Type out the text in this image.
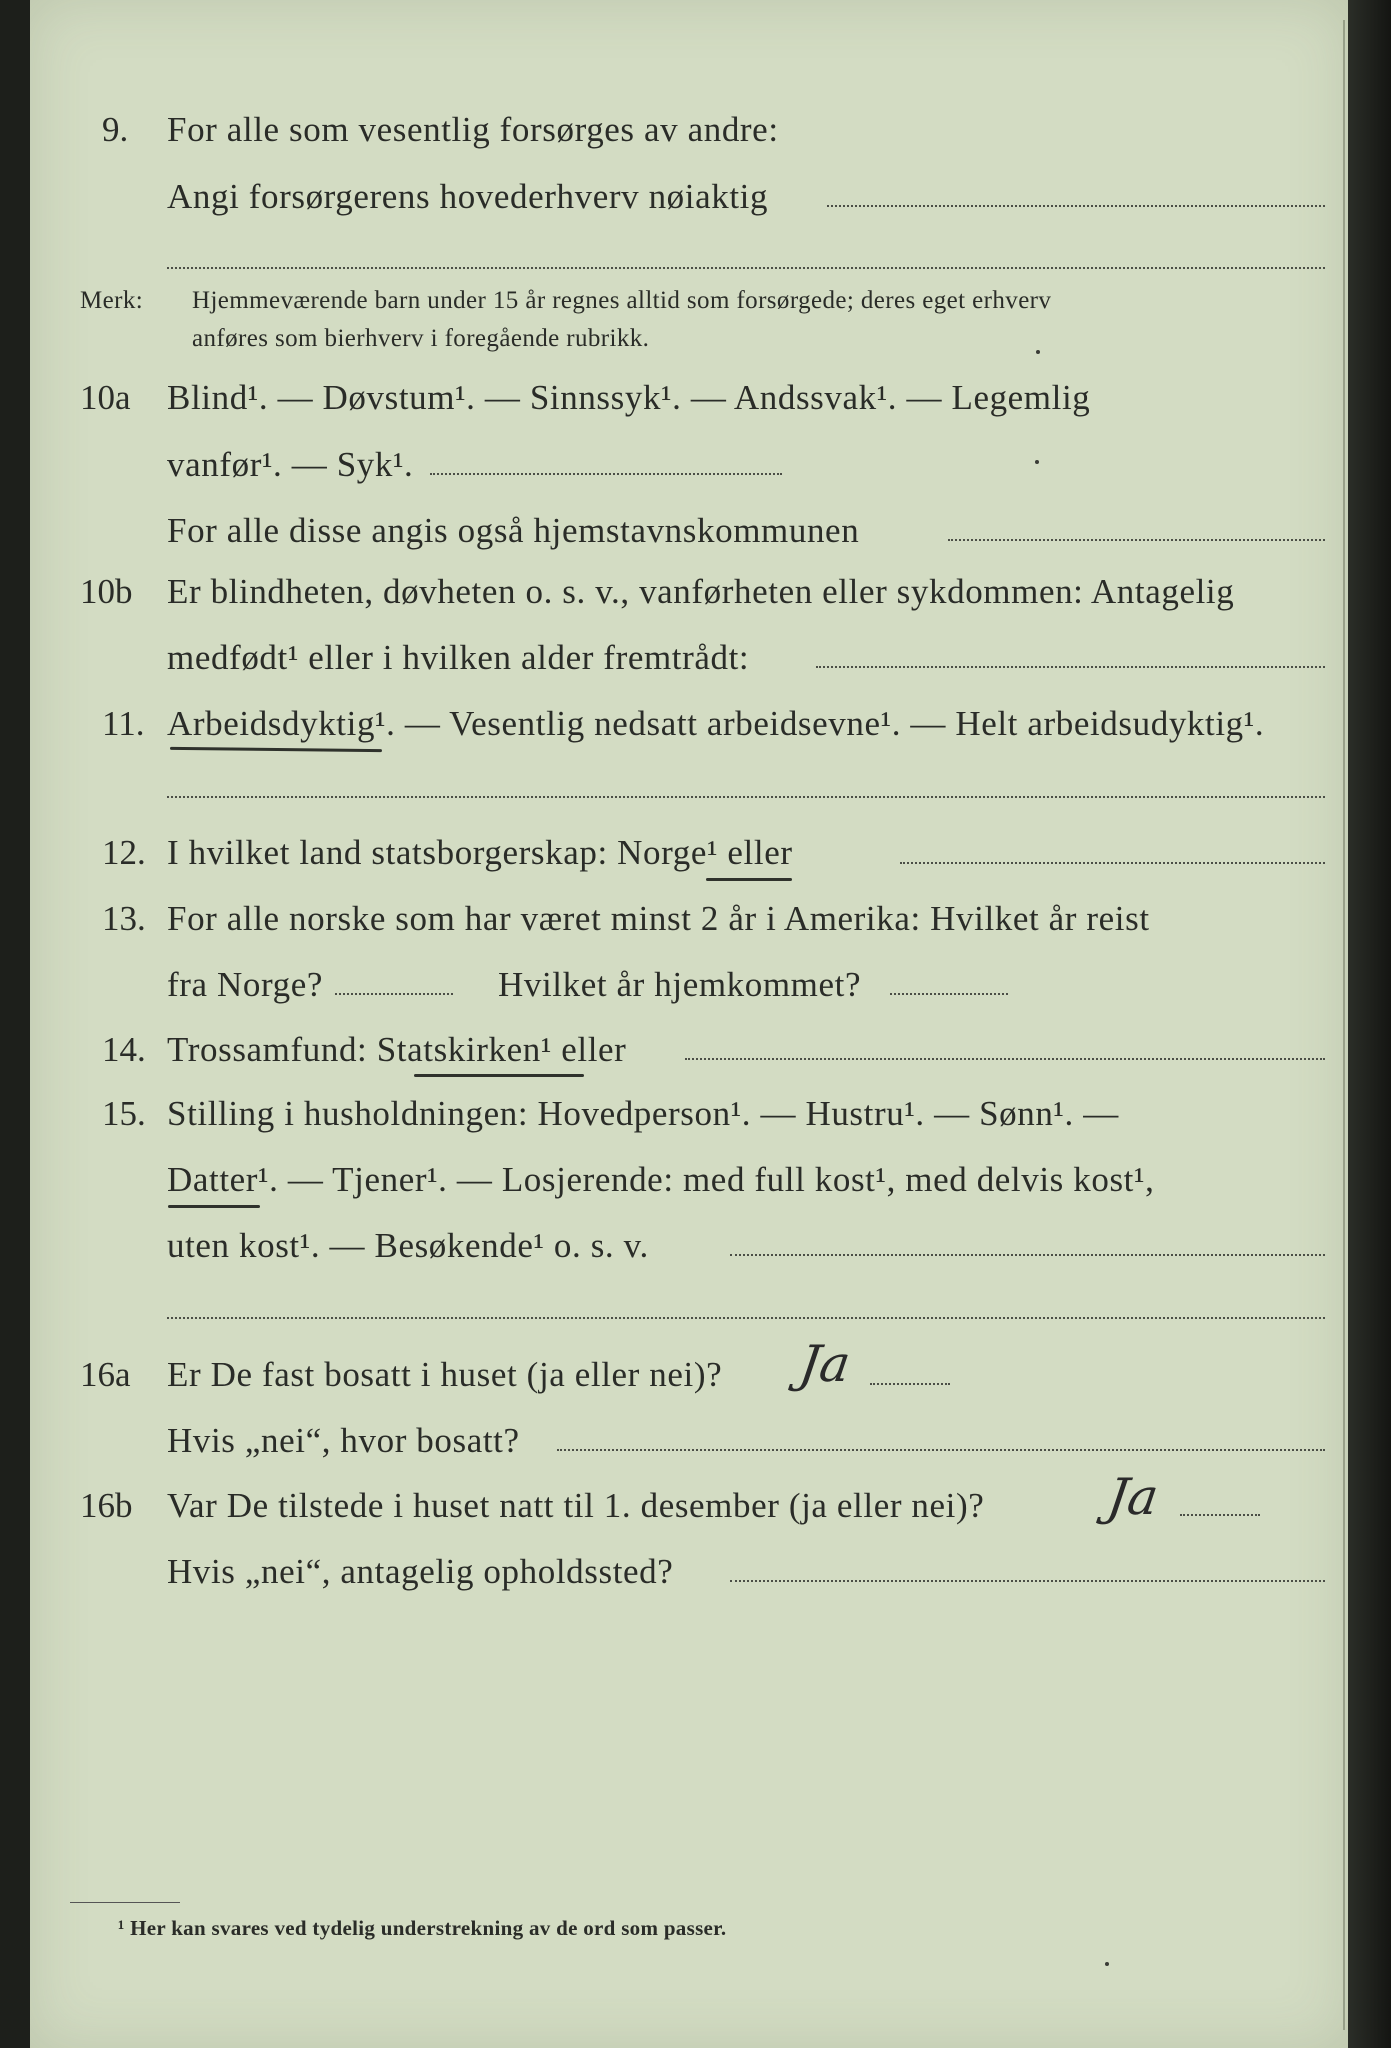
9. For alle som vesentlig forsørges av andre:
Angi forsørgerens hovederhverv nøiaktig
Merk: Hjemmeværende barn under 15 år regnes alltid som forsørgede; deres eget erhverv
anføres som bierhverv i foregående rubrikk.
10a Blind¹. — Døvstum¹. — Sinnssyk¹. — Andssvak¹. — Legemlig
vanfør¹. — Syk¹.
For alle disse angis også hjemstavnskommunen
10b Er blindheten, døvheten o. s. v., vanførheten eller sykdommen: Antagelig
medfødt¹ eller i hvilken alder fremtrådt:
11. Arbeidsdyktig¹. — Vesentlig nedsatt arbeidsevne¹. — Helt arbeidsudyktig¹.
12. I hvilket land statsborgerskap: Norge¹ eller
13. For alle norske som har været minst 2 år i Amerika: Hvilket år reist
fra Norge?	Hvilket år hjemkommet?
14. Trossamfund: Statskirken¹ eller
15. Stilling i husholdningen: Hovedperson¹. — Hustru¹. — Sønn¹. —
Datter¹. — Tjener¹. — Losjerende: med full kost¹, med delvis kost¹,
uten kost¹. — Besøkende¹ o. s. v.
16a Er De fast bosatt i huset (ja eller nei)? Ja
Hvis „nei“, hvor bosatt?
16b Var De tilstede i huset natt til 1. desember (ja eller nei)? Ja
Hvis „nei“, antagelig opholdssted?
¹ Her kan svares ved tydelig understrekning av de ord som passer.
